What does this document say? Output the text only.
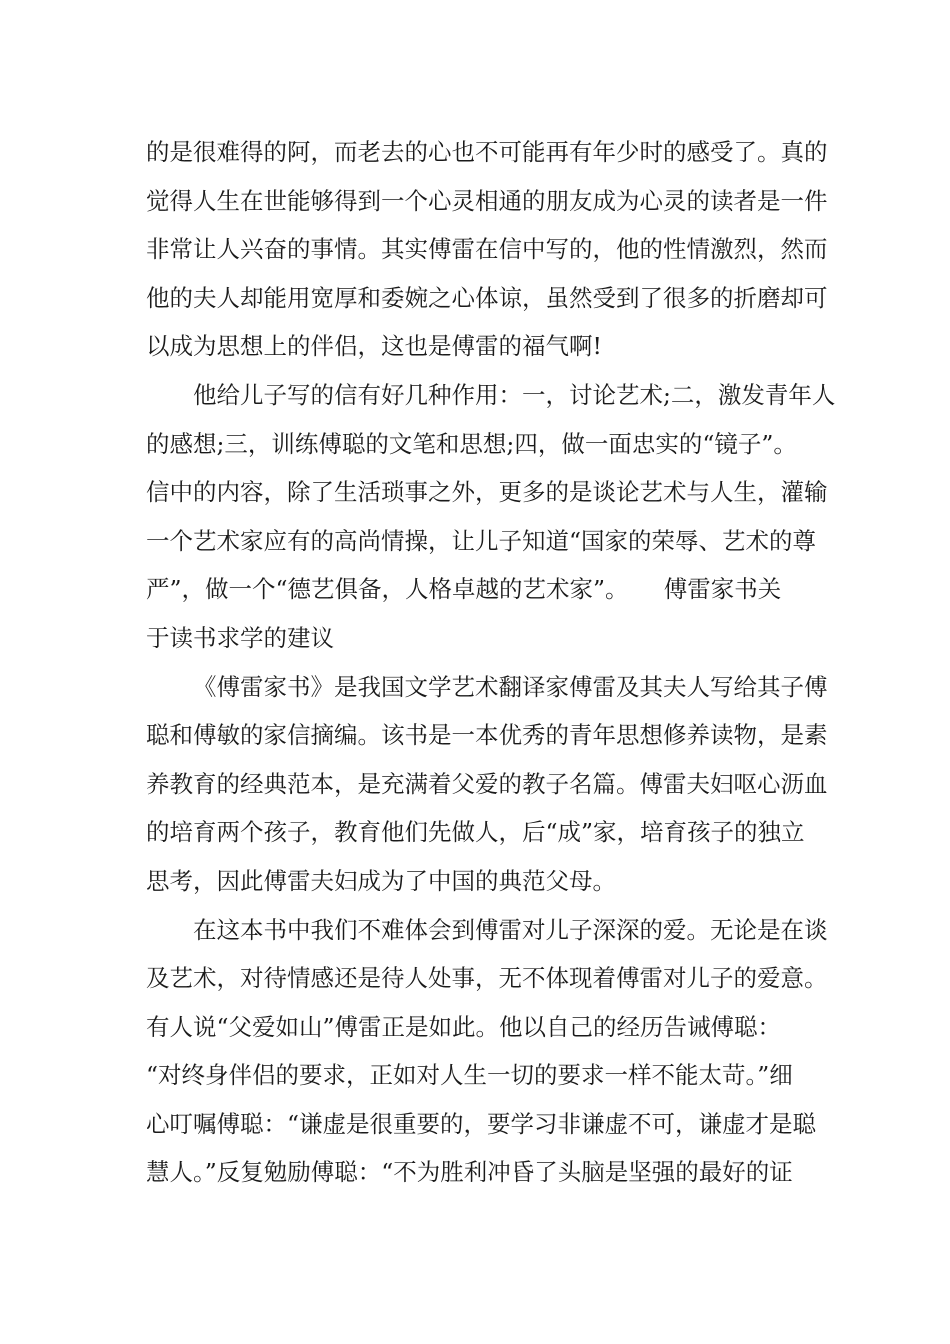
的是很难得的阿，而老去的心也不可能再有年少时的感受了。真的
觉得人生在世能够得到一个心灵相通的朋友成为心灵的读者是一件
非常让人兴奋的事情。其实傅雷在信中写的，他的性情激烈，然而
他的夫人却能用宽厚和委婉之心体谅，虽然受到了很多的折磨却可
以成为思想上的伴侣，这也是傅雷的福气啊!
他给儿子写的信有好几种作用：一，讨论艺术;二，激发青年人
的感想;三，训练傅聪的文笔和思想;四，做一面忠实的“镜子”。
信中的内容，除了生活琐事之外，更多的是谈论艺术与人生，灌输
一个艺术家应有的高尚情操，让儿子知道“国家的荣辱、艺术的尊
严”，做一个“德艺俱备，人格卓越的艺术家”。　　傅雷家书关
于读书求学的建议
《傅雷家书》是我国文学艺术翻译家傅雷及其夫人写给其子傅
聪和傅敏的家信摘编。该书是一本优秀的青年思想修养读物，是素
养教育的经典范本，是充满着父爱的教子名篇。傅雷夫妇呕心沥血
的培育两个孩子，教育他们先做人，后“成”家，培育孩子的独立
思考，因此傅雷夫妇成为了中国的典范父母。
在这本书中我们不难体会到傅雷对儿子深深的爱。无论是在谈
及艺术，对待情感还是待人处事，无不体现着傅雷对儿子的爱意。
有人说“父爱如山”傅雷正是如此。他以自己的经历告诫傅聪：
“对终身伴侣的要求，正如对人生一切的要求一样不能太苛。”细
心叮嘱傅聪：“谦虚是很重要的，要学习非谦虚不可，谦虚才是聪
慧人。”反复勉励傅聪：“不为胜利冲昏了头脑是坚强的最好的证
